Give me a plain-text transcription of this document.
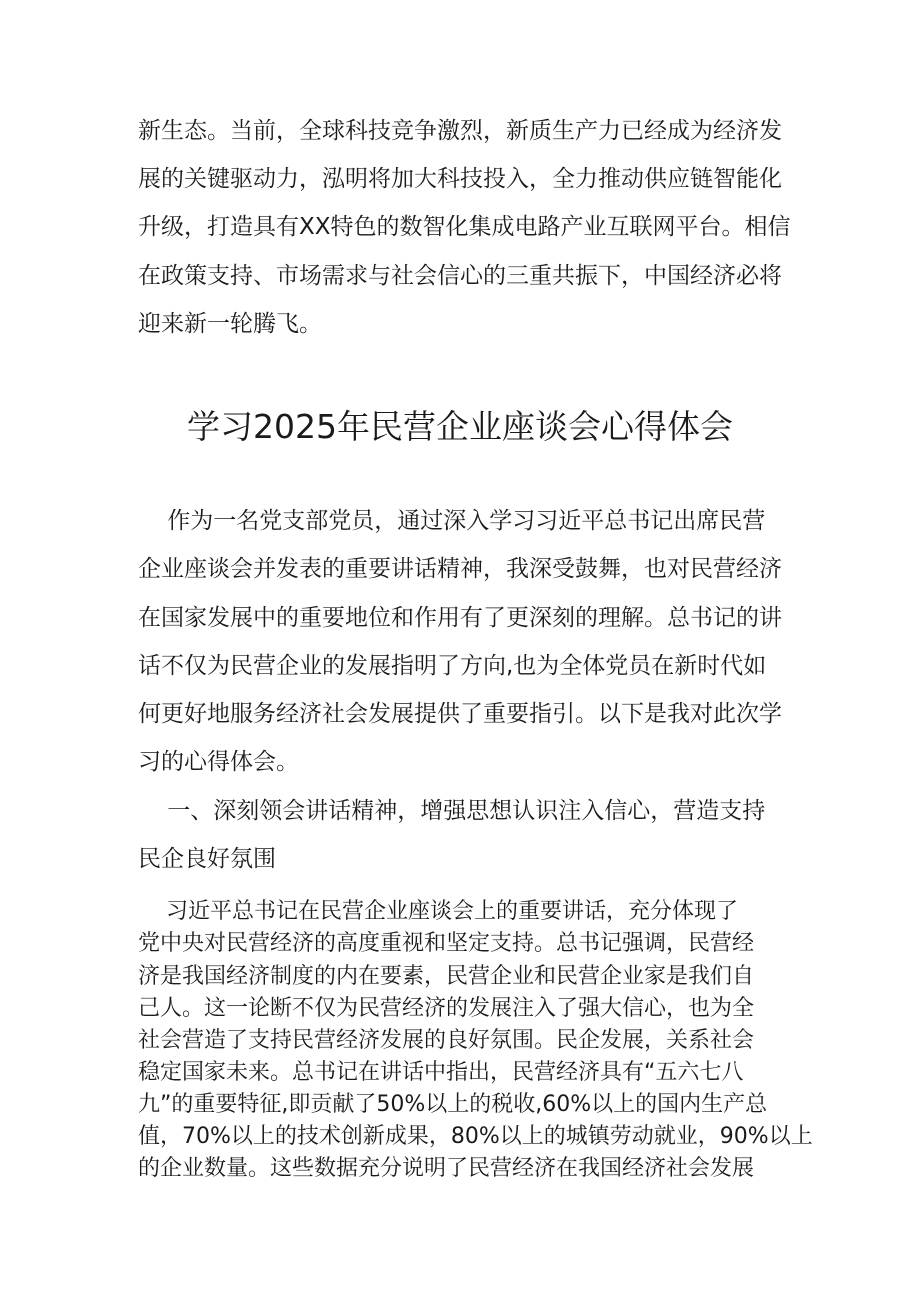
新生态。当前，全球科技竞争激烈，新质生产力已经成为经济发
展的关键驱动力，泓明将加大科技投入，全力推动供应链智能化
升级，打造具有XX特色的数智化集成电路产业互联网平台。相信
在政策支持、市场需求与社会信心的三重共振下，中国经济必将
迎来新一轮腾飞。
学习2025年民营企业座谈会心得体会
作为一名党支部党员，通过深入学习习近平总书记出席民营
企业座谈会并发表的重要讲话精神，我深受鼓舞，也对民营经济
在国家发展中的重要地位和作用有了更深刻的理解。总书记的讲
话不仅为民营企业的发展指明了方向,也为全体党员在新时代如
何更好地服务经济社会发展提供了重要指引。以下是我对此次学
习的心得体会。
一、深刻领会讲话精神，增强思想认识注入信心，营造支持
民企良好氛围
习近平总书记在民营企业座谈会上的重要讲话，充分体现了
党中央对民营经济的高度重视和坚定支持。总书记强调，民营经
济是我国经济制度的内在要素，民营企业和民营企业家是我们自
己人。这一论断不仅为民营经济的发展注入了强大信心，也为全
社会营造了支持民营经济发展的良好氛围。民企发展，关系社会
稳定国家未来。总书记在讲话中指出，民营经济具有“五六七八
九”的重要特征,即贡献了50%以上的税收,60%以上的国内生产总
值，70%以上的技术创新成果，80%以上的城镇劳动就业，90%以上
的企业数量。这些数据充分说明了民营经济在我国经济社会发展
